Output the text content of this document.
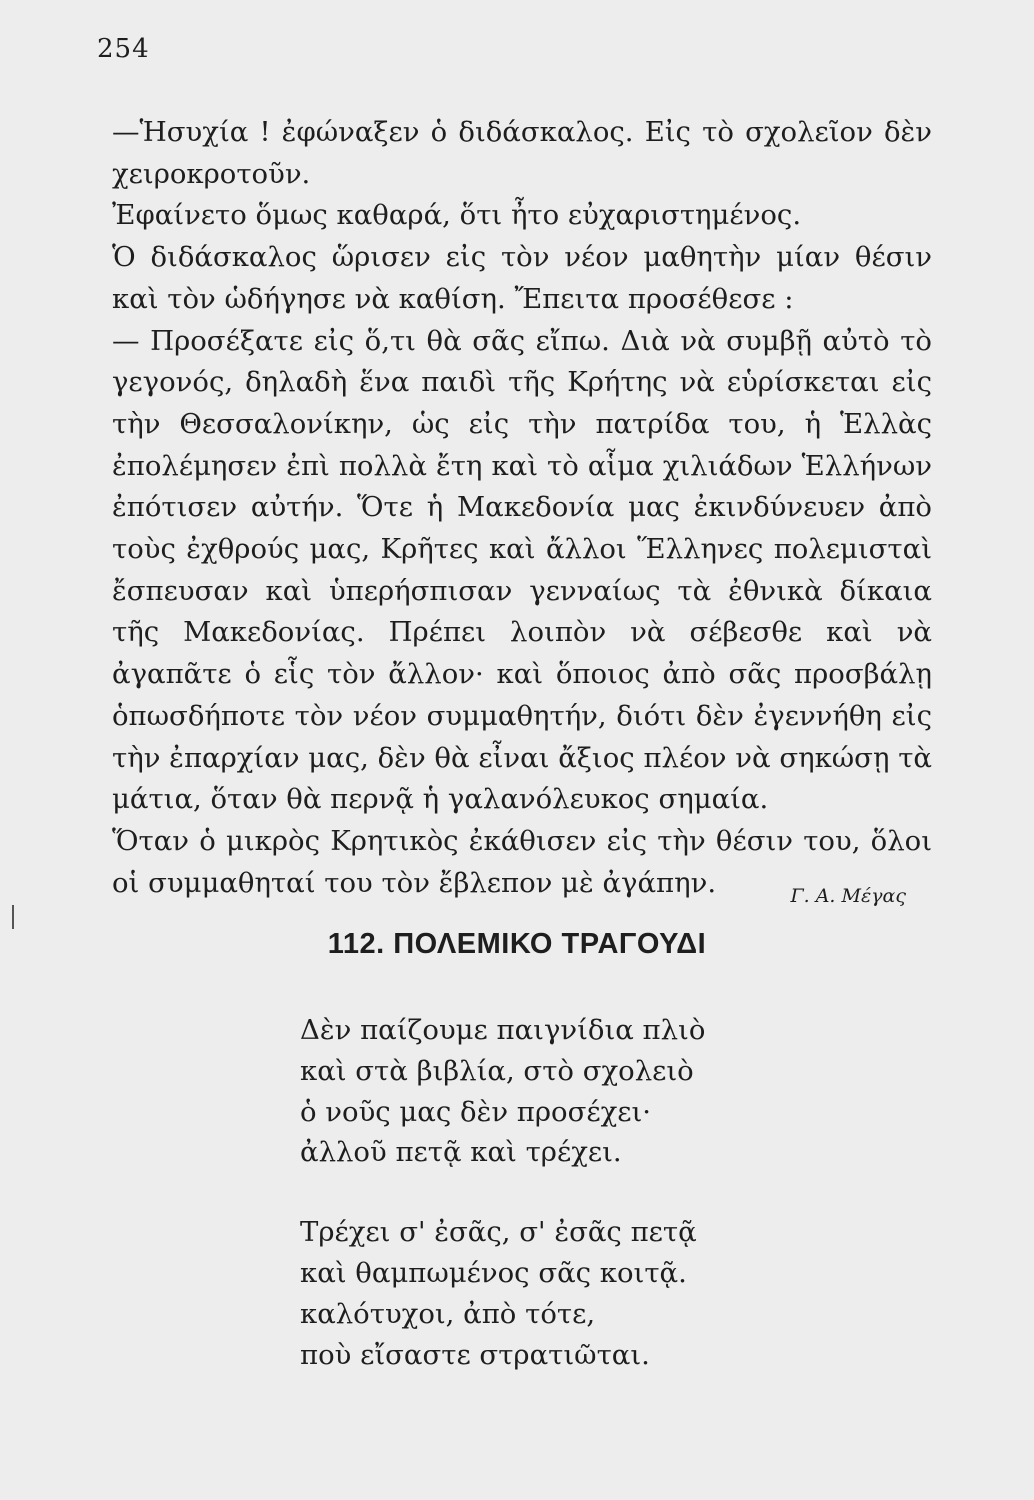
254

—Ἡσυχία ! ἐφώναξεν ὁ διδάσκαλος. Εἰς τὸ σχολεῖον δὲν χειροκροτοῦν.

Ἐφαίνετο ὅμως καθαρά, ὅτι ἦτο εὐχαριστημένος.

Ὁ διδάσκαλος ὥρισεν εἰς τὸν νέον μαθητὴν μίαν θέσιν καὶ τὸν ὡδήγησε νὰ καθίση. Ἔπειτα προσέθεσε :

— Προσέξατε εἰς ὅ,τι θὰ σᾶς εἴπω. Διὰ νὰ συμβῇ αὐτὸ τὸ γεγονός, δηλαδὴ ἕνα παιδὶ τῆς Κρήτης νὰ εὑρίσκεται εἰς τὴν Θεσσαλονίκην, ὡς εἰς τὴν πατρίδα του, ἡ Ἑλλὰς ἐπολέμησεν ἐπὶ πολλὰ ἔτη καὶ τὸ αἷμα χιλιάδων Ἑλλήνων ἐπότισεν αὐτήν. Ὅτε ἡ Μακεδονία μας ἐκινδύνευεν ἀπὸ τοὺς ἐχθρούς μας, Κρῆτες καὶ ἄλλοι Ἕλληνες πολεμισταὶ ἔσπευσαν καὶ ὑπερήσπισαν γενναίως τὰ ἐθνικὰ δίκαια τῆς Μακεδονίας. Πρέπει λοιπὸν νὰ σέβεσθε καὶ νὰ ἀγαπᾶτε ὁ εἷς τὸν ἄλλον· καὶ ὅποιος ἀπὸ σᾶς προσβάλῃ ὁπωσδήποτε τὸν νέον συμμαθητήν, διότι δὲν ἐγεννήθη εἰς τὴν ἐπαρχίαν μας, δὲν θὰ εἶναι ἄξιος πλέον νὰ σηκώσῃ τὰ μάτια, ὅταν θὰ περνᾷ ἡ γαλανόλευκος σημαία.

Ὅταν ὁ μικρὸς Κρητικὸς ἐκάθισεν εἰς τὴν θέσιν του, ὅλοι οἱ συμμαθηταί του τὸν ἔβλεπον μὲ ἀγάπην.	Γ. Α. Μέγας
112. ΠΟΛΕΜΙΚΟ ΤΡΑΓΟΥΔΙ
Δὲν παίζουμε παιγνίδια πλιὸ
καὶ στὰ βιβλία, στὸ σχολειὸ
ὁ νοῦς μας δὲν προσέχει·
ἀλλοῦ πετᾷ καὶ τρέχει.
Τρέχει σ' ἐσᾶς, σ' ἐσᾶς πετᾷ
καὶ θαμπωμένος σᾶς κοιτᾷ.
καλότυχοι, ἀπὸ τότε,
ποὺ εἴσαστε στρατιῶται.
